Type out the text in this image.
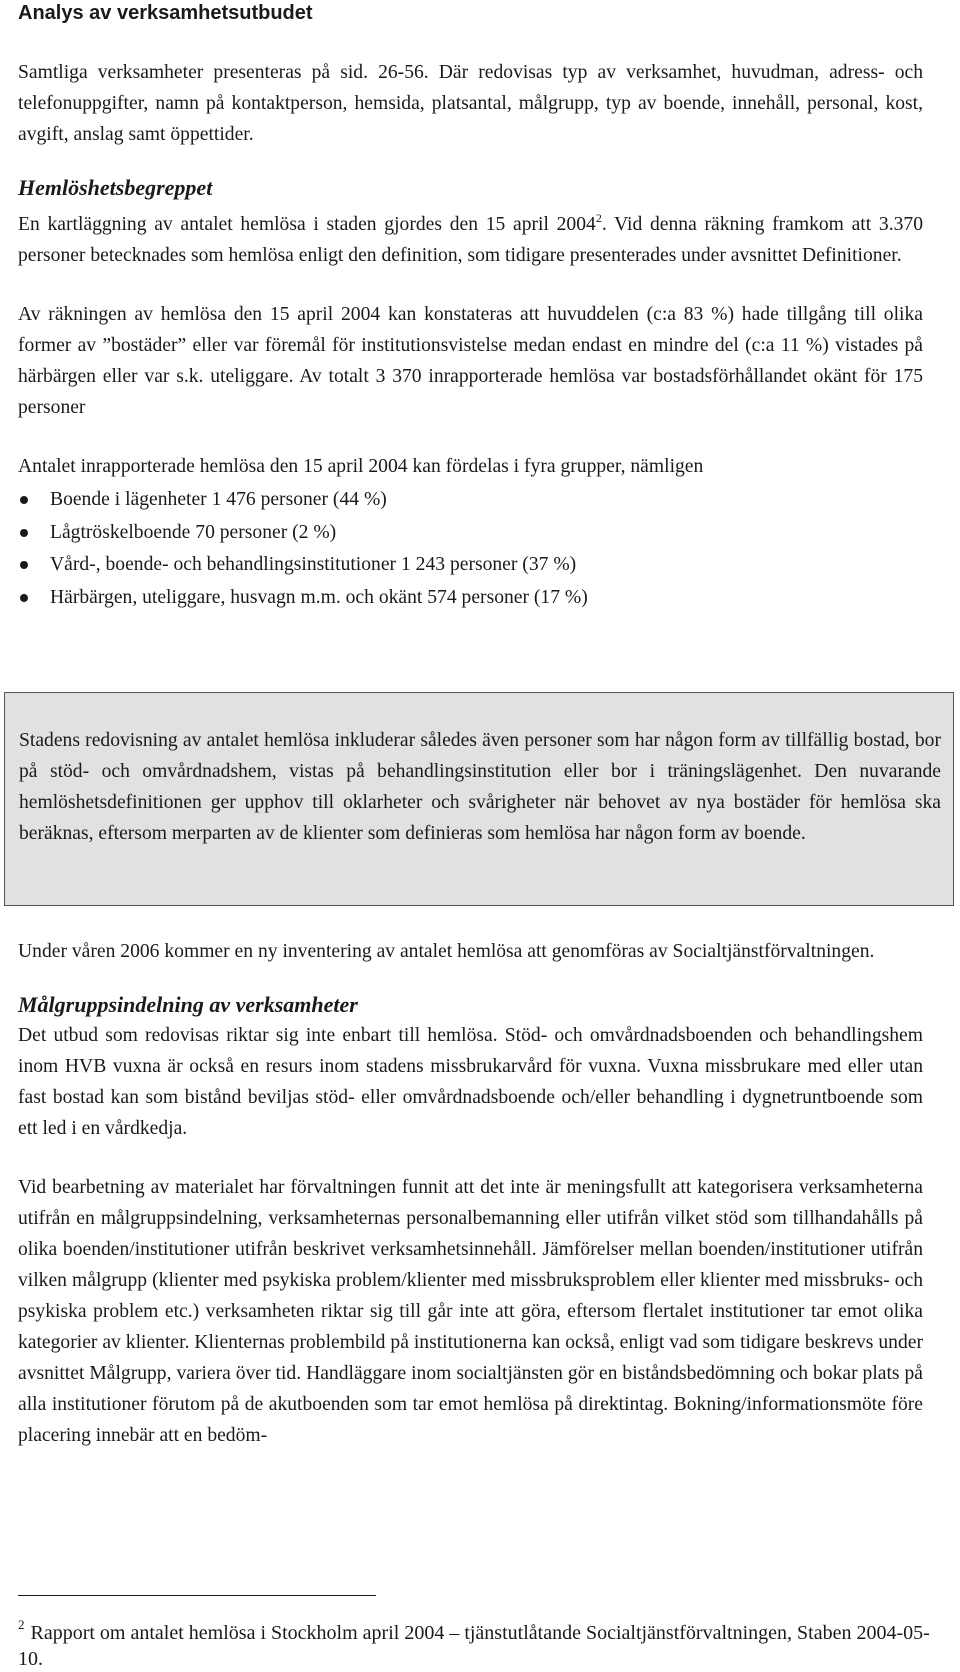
Analys av verksamhetsutbudet

Samtliga verksamheter presenteras på sid. 26-56. Där redovisas typ av verksamhet, huvudman, adress- och telefonuppgifter, namn på kontaktperson, hemsida, platsantal, målgrupp, typ av boende, innehåll, personal, kost, avgift, anslag samt öppettider.

Hemlöshetsbegreppet

En kartläggning av antalet hemlösa i staden gjordes den 15 april 2004$^2$. Vid denna räkning framkom att 3.370 personer betecknades som hemlösa enligt den definition, som tidigare presenterades under avsnittet Definitioner.

Av räkningen av hemlösa den 15 april 2004 kan konstateras att huvuddelen (c:a 83 %) hade tillgång till olika former av ”bostäder” eller var föremål för institutionsvistelse medan endast en mindre del (c:a 11 %) vistades på härbärgen eller var s.k. uteliggare. Av totalt 3 370 inrapporterade hemlösa var bostadsförhållandet okänt för 175 personer

Antalet inrapporterade hemlösa den 15 april 2004 kan fördelas i fyra grupper, nämligen

Boende i lägenheter 1 476 personer (44 %)
Lågtröskelboende 70 personer (2 %)
Vård-, boende- och behandlingsinstitutioner 1 243 personer (37 %)
Härbärgen, uteliggare, husvagn m.m. och okänt 574 personer (17 %)

Stadens redovisning av antalet hemlösa inkluderar således även personer som har någon form av tillfällig bostad, bor på stöd- och omvårdnadshem, vistas på behandlingsinstitution eller bor i träningslägenhet. Den nuvarande hemlöshetsdefinitionen ger upphov till oklarheter och svårigheter när behovet av nya bostäder för hemlösa ska beräknas, eftersom merparten av de klienter som definieras som hemlösa har någon form av boende.

Under våren 2006 kommer en ny inventering av antalet hemlösa att genomföras av Socialtjänstförvaltningen.

Målgruppsindelning av verksamheter

Det utbud som redovisas riktar sig inte enbart till hemlösa. Stöd- och omvårdnadsboenden och behandlingshem inom HVB vuxna är också en resurs inom stadens missbrukarvård för vuxna. Vuxna missbrukare med eller utan fast bostad kan som bistånd beviljas stöd- eller omvårdnadsboende och/eller behandling i dygnetruntboende som ett led i en vårdkedja.

Vid bearbetning av materialet har förvaltningen funnit att det inte är meningsfullt att kategorisera verksamheterna utifrån en målgruppsindelning, verksamheternas personalbemanning eller utifrån vilket stöd som tillhandahålls på olika boenden/institutioner utifrån beskrivet verksamhetsinnehåll. Jämförelser mellan boenden/institutioner utifrån vilken målgrupp (klienter med psykiska problem/klienter med missbruksproblem eller klienter med missbruks- och psykiska problem etc.) verksamheten riktar sig till går inte att göra, eftersom flertalet institutioner tar emot olika kategorier av klienter. Klienternas problembild på institutionerna kan också, enligt vad som tidigare beskrevs under avsnittet Målgrupp, variera över tid. Handläggare inom socialtjänsten gör en biståndsbedömning och bokar plats på alla institutioner förutom på de akutboenden som tar emot hemlösa på direktintag. Bokning/informationsmöte före placering innebär att en bedöm-

$^2$ Rapport om antalet hemlösa i Stockholm april 2004 – tjänstutlåtande Socialtjänstförvaltningen, Staben 2004-05-10.
